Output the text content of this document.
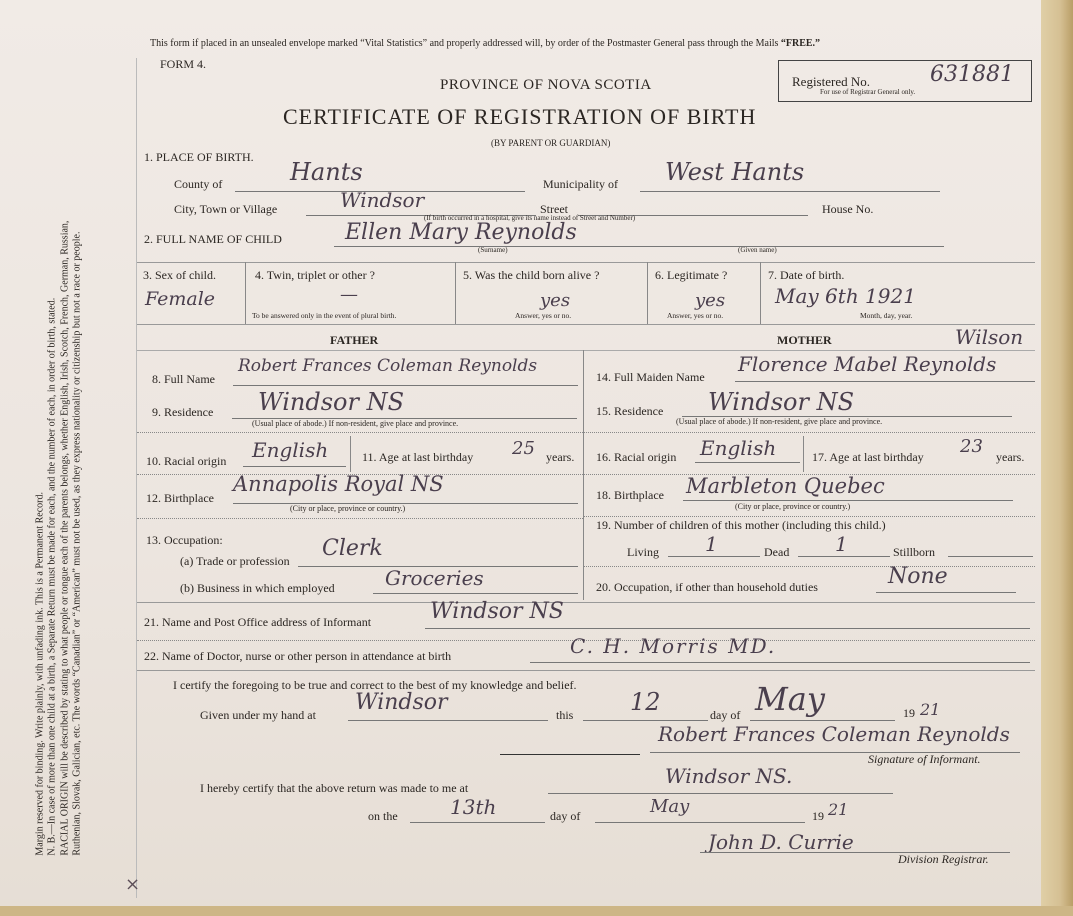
Margin reserved for binding. Write plainly, with unfading ink. This is a Permanent Record. N. B.—In case of more than one child at a birth, a Separate Return must be made for each, and the number of each, in order of birth, stated. RACIAL ORIGIN will be described by stating to what people or tongue each of the parents belongs, whether English, Irish, Scotch, French, German, Russian, Ruthenian, Slovak, Galician, etc. The words “Canadian” or “American” must not be used, as they express nationality or citizenship but not a race or people.
×
This form if placed in an unsealed envelope marked “Vital Statistics” and properly addressed will, by order of the Postmaster General pass through the Mails “FREE.”
FORM 4.
PROVINCE OF NOVA SCOTIA
CERTIFICATE OF REGISTRATION OF BIRTH
(BY PARENT OR GUARDIAN)
Registered No.	631881
For use of Registrar General only.
1. PLACE OF BIRTH.
Hants
County of	Municipality of West Hants
City, Town or Village	Windsor	Street	House No.
(If birth occurred in a hospital, give its name instead of Street and Number)
2. FULL NAME OF CHILD	Ellen Mary Reynolds
(Surname)	(Given name)
3. Sex of child.
Female
4. Twin, triplet or other ?
—
To be answered only in the event of plural birth.
5. Was the child born alive ?
yes
Answer, yes or no.
6. Legitimate ?
yes
Answer, yes or no.
7. Date of birth.
May 6th 1921
Month, day, year.
FATHER	MOTHER	Wilson
8. Full Name
Robert Frances Coleman Reynolds
9. Residence Windsor NS
(Usual place of abode.) If non-resident, give place and province.
10. Racial origin English	11. Age at last birthday 25 years.
12. Birthplace
Annapolis Royal NS
(City or place, province or country.)
13. Occupation:
(a) Trade or profession Clerk
(b) Business in which employed	Groceries
14. Full Maiden Name
Florence Mabel Reynolds
15. Residence Windsor NS
(Usual place of abode.) If non-resident, give place and province.
16. Racial origin English	17. Age at last birthday 23 years.
18. Birthplace Marbleton Quebec
(City or place, province or country.)
19. Number of children of this mother (including this child.)
Living 1	Dead 1	Stillborn
20. Occupation, if other than household duties	None
21. Name and Post Office address of Informant	Windsor NS
22. Name of Doctor, nurse or other person in attendance at birth	C. H. Morris MD.
I certify the foregoing to be true and correct to the best of my knowledge and belief.
Given under my hand at Windsor	this 12	day of May	19 21
Robert Frances Coleman Reynolds
Signature of Informant.
I hereby certify that the above return was made to me at	Windsor NS.
on the	13th	day of	May	19 21
John D. Currie
Division Registrar.
